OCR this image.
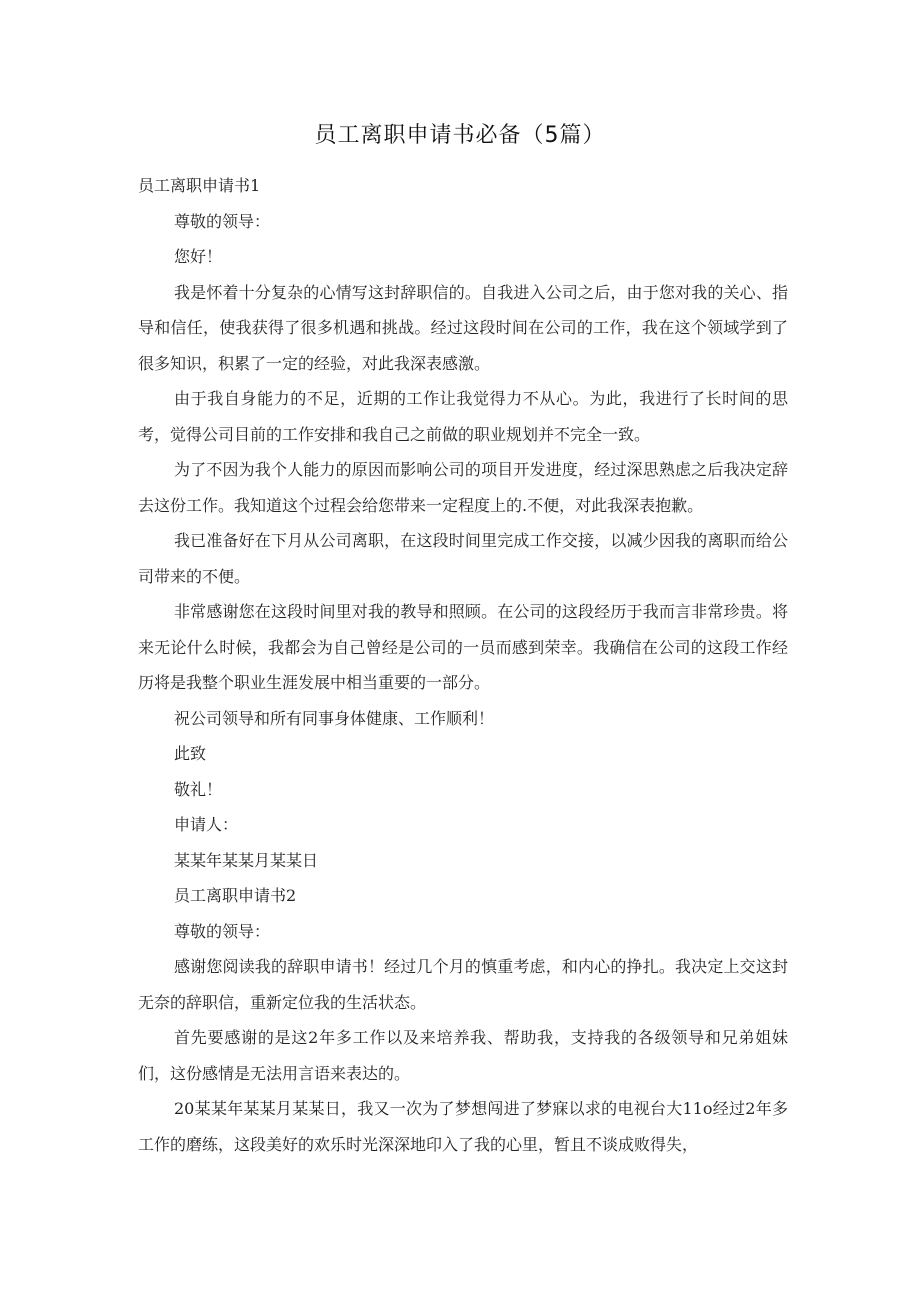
员工离职申请书必备（5篇）

员工离职申请书1

尊敬的领导：

您好！

我是怀着十分复杂的心情写这封辞职信的。自我进入公司之后，由于您对我的关心、指导和信任，使我获得了很多机遇和挑战。经过这段时间在公司的工作，我在这个领域学到了很多知识，积累了一定的经验，对此我深表感激。

由于我自身能力的不足，近期的工作让我觉得力不从心。为此，我进行了长时间的思考，觉得公司目前的工作安排和我自己之前做的职业规划并不完全一致。

为了不因为我个人能力的原因而影响公司的项目开发进度，经过深思熟虑之后我决定辞去这份工作。我知道这个过程会给您带来一定程度上的.不便，对此我深表抱歉。

我已准备好在下月从公司离职，在这段时间里完成工作交接，以减少因我的离职而给公司带来的不便。

非常感谢您在这段时间里对我的教导和照顾。在公司的这段经历于我而言非常珍贵。将来无论什么时候，我都会为自己曾经是公司的一员而感到荣幸。我确信在公司的这段工作经历将是我整个职业生涯发展中相当重要的一部分。

祝公司领导和所有同事身体健康、工作顺利！

此致

敬礼！

申请人：

某某年某某月某某日

员工离职申请书2

尊敬的领导：

感谢您阅读我的辞职申请书！经过几个月的慎重考虑，和内心的挣扎。我决定上交这封无奈的辞职信，重新定位我的生活状态。

首先要感谢的是这2年多工作以及来培养我、帮助我，支持我的各级领导和兄弟姐妹们，这份感情是无法用言语来表达的。

20某某年某某月某某日，我又一次为了梦想闯进了梦寐以求的电视台大11o经过2年多工作的磨练，这段美好的欢乐时光深深地印入了我的心里，暂且不谈成败得失，
